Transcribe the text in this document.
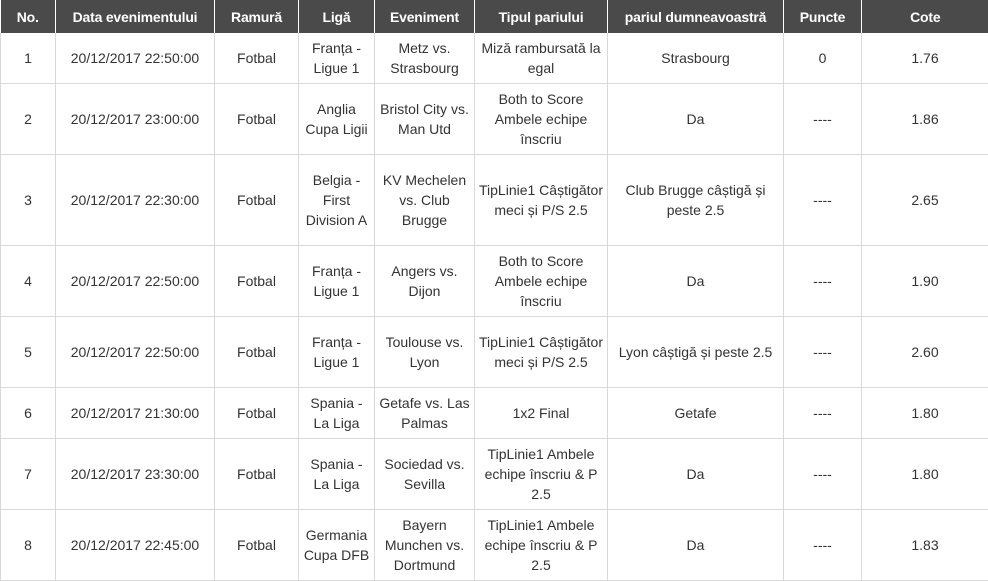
No.	Data evenimentului	Ramură	Ligă	Eveniment	Tipul pariului	pariul dumneavoastră	Puncte	Cote
1	20/12/2017 22:50:00	Fotbal	Franța - Ligue 1	Metz vs. Strasbourg	Miză rambursată la egal	Strasbourg	0	1.76
2	20/12/2017 23:00:00	Fotbal	Anglia Cupa Ligii	Bristol City vs. Man Utd	Both to Score Ambele echipe înscriu	Da	----	1.86
3	20/12/2017 22:30:00	Fotbal	Belgia - First Division A	KV Mechelen vs. Club Brugge	TipLinie1 Câștigător meci și P/S 2.5	Club Brugge câștigă și peste 2.5	----	2.65
4	20/12/2017 22:50:00	Fotbal	Franța - Ligue 1	Angers vs. Dijon	Both to Score Ambele echipe înscriu	Da	----	1.90
5	20/12/2017 22:50:00	Fotbal	Franța - Ligue 1	Toulouse vs. Lyon	TipLinie1 Câștigător meci și P/S 2.5	Lyon câștigă și peste 2.5	----	2.60
6	20/12/2017 21:30:00	Fotbal	Spania - La Liga	Getafe vs. Las Palmas	1x2 Final	Getafe	----	1.80
7	20/12/2017 23:30:00	Fotbal	Spania - La Liga	Sociedad vs. Sevilla	TipLinie1 Ambele echipe înscriu & P 2.5	Da	----	1.80
8	20/12/2017 22:45:00	Fotbal	Germania Cupa DFB	Bayern Munchen vs. Dortmund	TipLinie1 Ambele echipe înscriu & P 2.5	Da	----	1.83
